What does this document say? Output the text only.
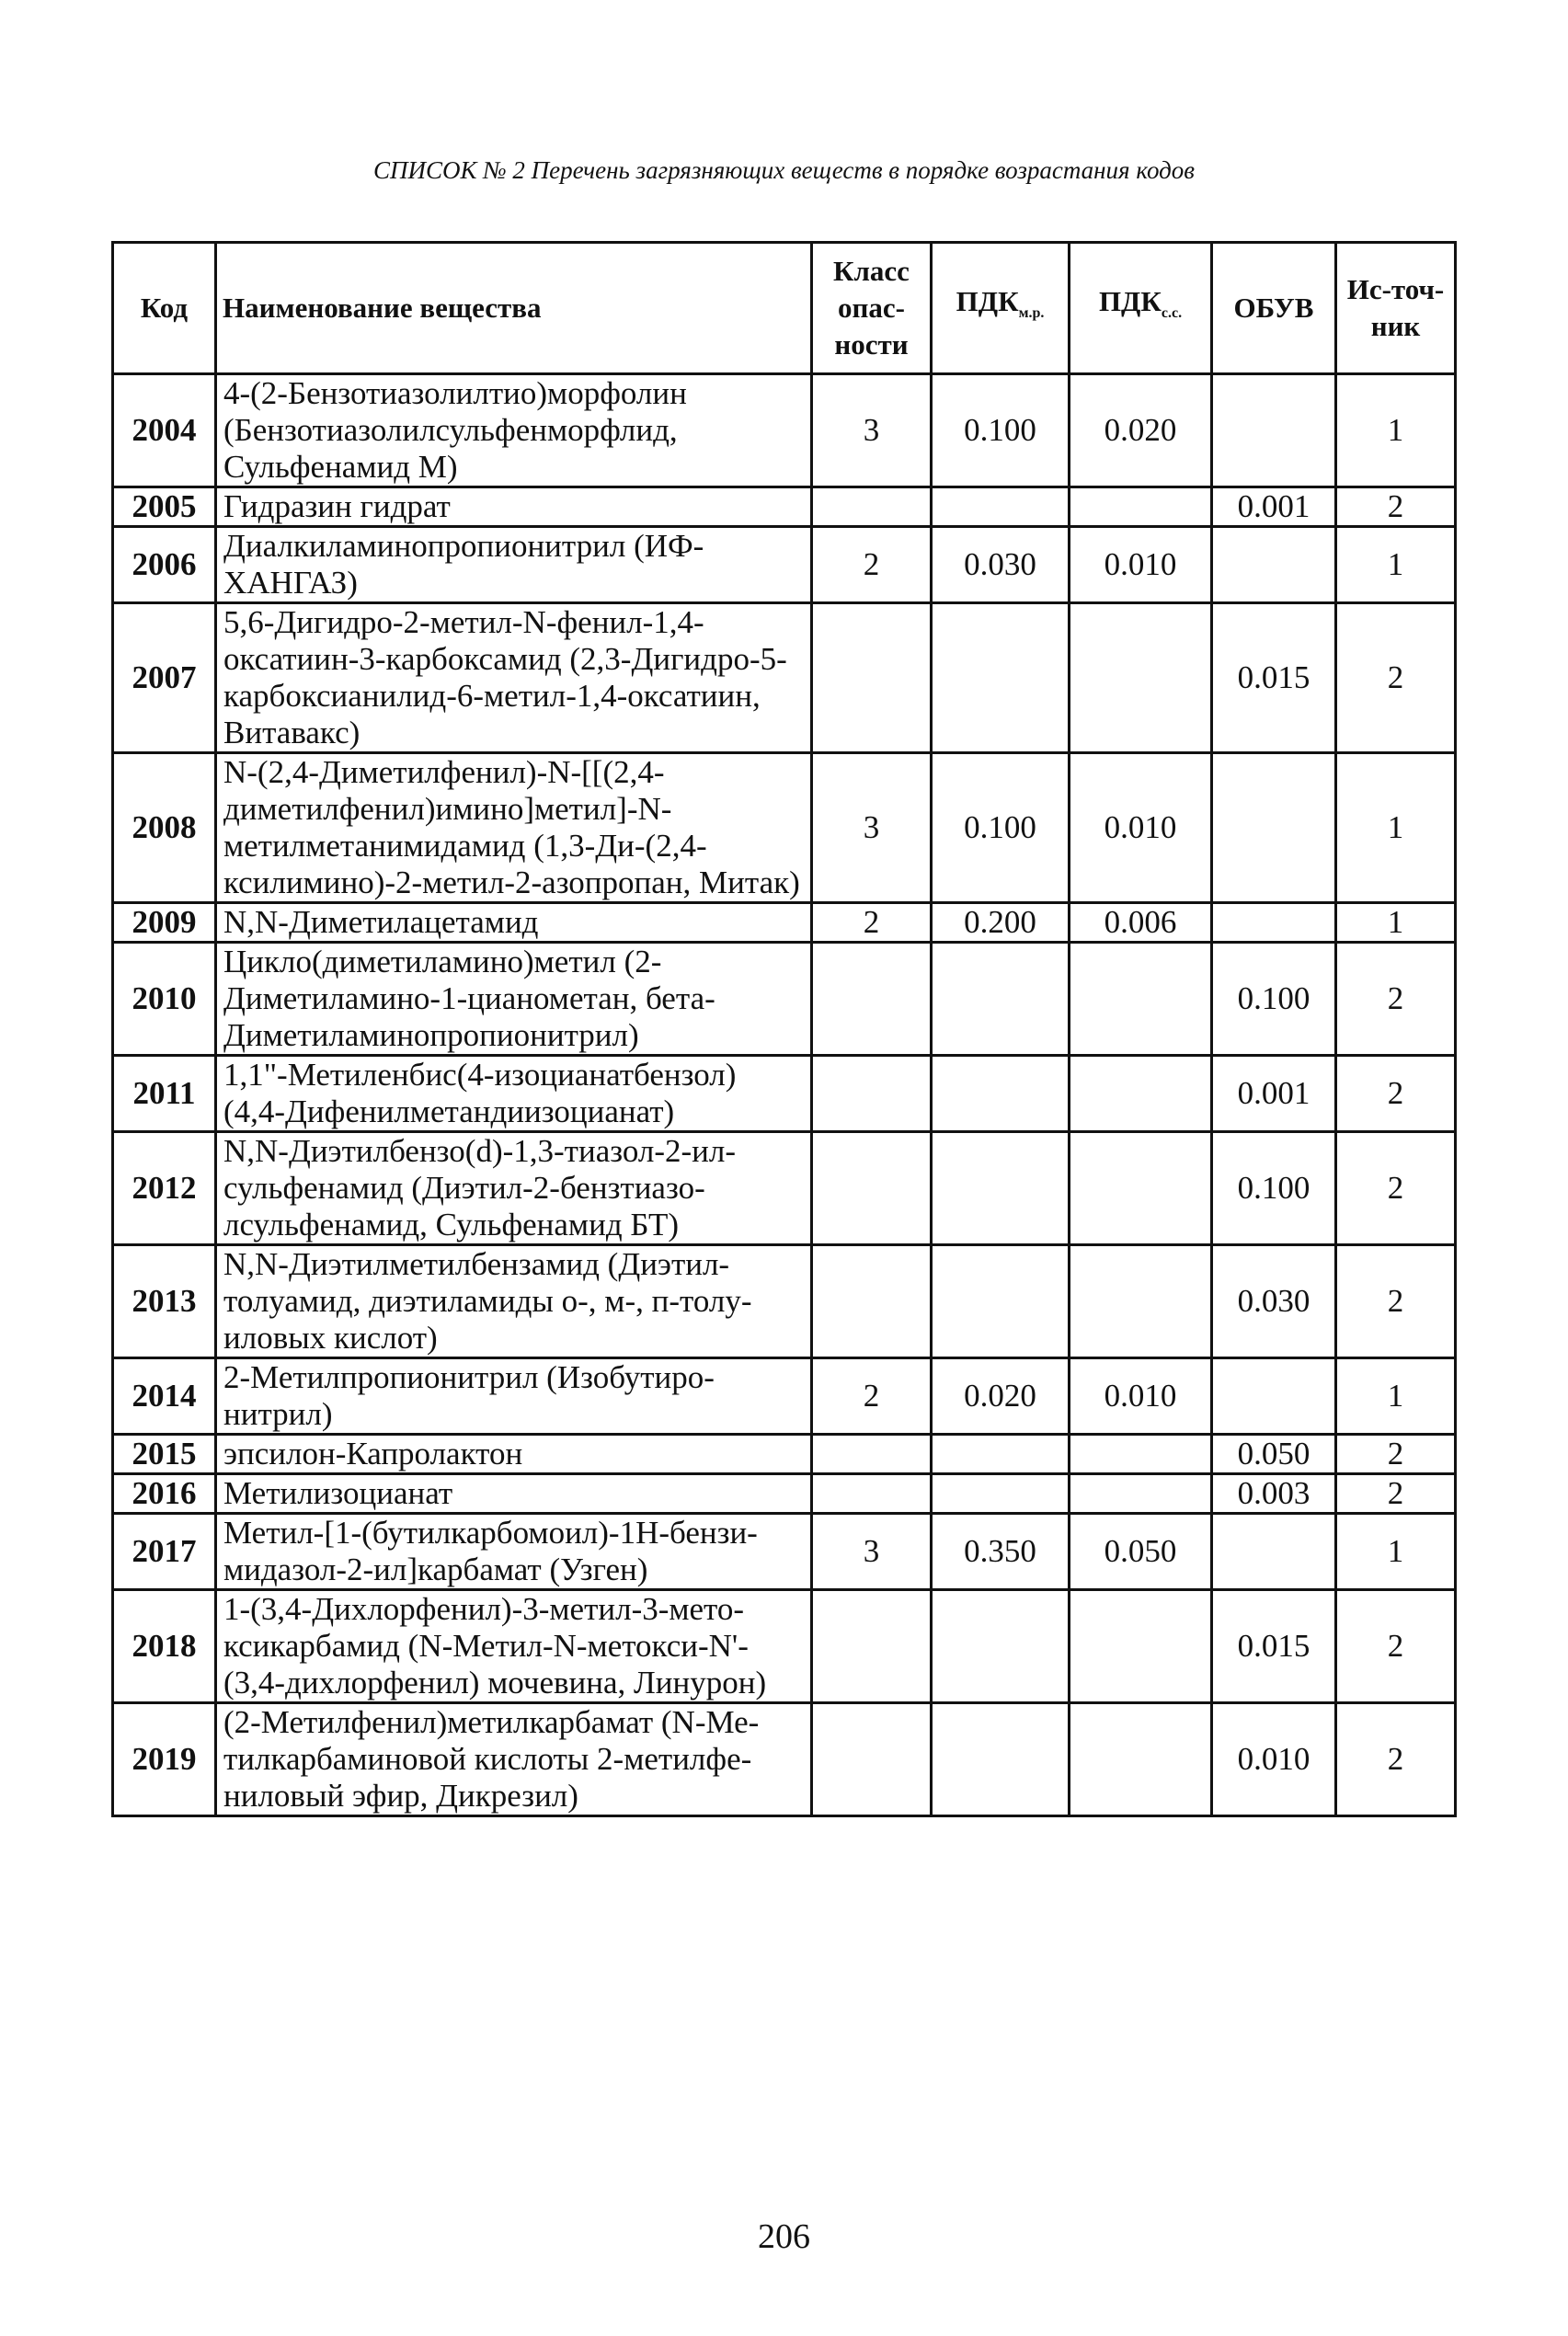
СПИСОК № 2 Перечень загрязняющих веществ в порядке возрастания кодов
Код	Наименование вещества	Класс опас-ности	$ПДК_{м.р.}$	$ПДК_{с.с.}$	ОБУВ	Ис-точ-ник
2004	4-(2-Бензотиазолилтио)морфолин (Бензотиазолилсульфенморфлид, Сульфенамид М)	3	0.100	0.020		1
2005	Гидразин гидрат				0.001	2
2006	Диалкиламинопропионитрил (ИФ-ХАНГАЗ)	2	0.030	0.010		1
2007	5,6-Дигидро-2-метил-N-фенил-1,4-оксатиин-3-карбоксамид (2,3-Дигидро-5-карбоксианилид-6-метил-1,4-оксатиин, Витавакс)				0.015	2
2008	N-(2,4-Диметилфенил)-N-[[(2,4-диметилфенил)имино]метил]-N-метилметанимидамид (1,3-Ди-(2,4-ксилимино)-2-метил-2-азопропан, Митак)	3	0.100	0.010		1
2009	N,N-Диметилацетамид	2	0.200	0.006		1
2010	Цикло(диметиламино)метил (2-Диметиламино-1-цианометан, бета-Диметиламинопропионитрил)				0.100	2
2011	1,1"-Метиленбис(4-изоцианатбензол) (4,4-Дифенилметандиизоцианат)				0.001	2
2012	N,N-Диэтилбензо(d)-1,3-тиазол-2-ил-сульфенамид (Диэтил-2-бензтиазо-лсульфенамид, Сульфенамид БТ)				0.100	2
2013	N,N-Диэтилметилбензамид (Диэтил-толуамид, диэтиламиды о-, м-, п-толу-иловых кислот)				0.030	2
2014	2-Метилпропионитрил (Изобутиро-нитрил)	2	0.020	0.010		1
2015	эпсилон-Капролактон				0.050	2
2016	Метилизоцианат				0.003	2
2017	Метил-[1-(бутилкарбомоил)-1Н-бензи-мидазол-2-ил]карбамат (Узген)	3	0.350	0.050		1
2018	1-(3,4-Дихлорфенил)-3-метил-3-мето-ксикарбамид (N-Метил-N-метокси-N'-(3,4-дихлорфенил) мочевина, Линурон)				0.015	2
2019	(2-Метилфенил)метилкарбамат (N-Ме-тилкарбаминовой кислоты 2-метилфе-ниловый эфир, Дикрезил)				0.010	2
206
